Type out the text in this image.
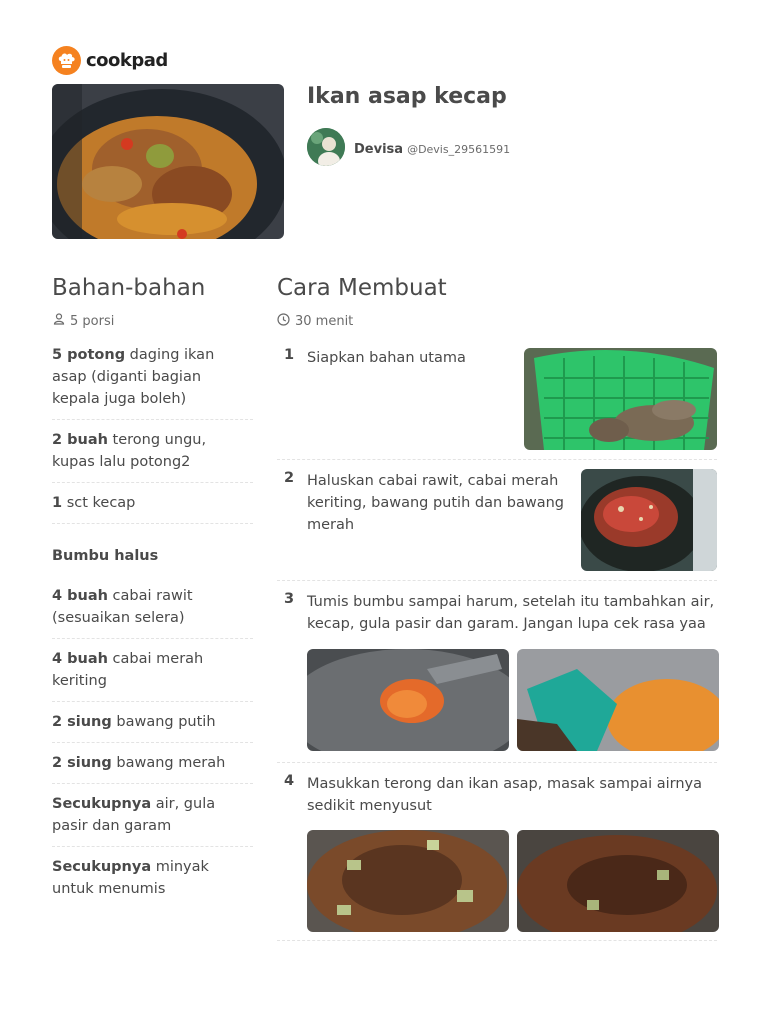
cookpad
Ikan asap kecap
Devisa @Devis_29561591
Bahan-bahan
5 porsi
Cara Membuat
30 menit
5 potong daging ikan asap (diganti bagian kepala juga boleh)
2 buah terong ungu, kupas lalu potong2
1 sct kecap
Bumbu halus
4 buah cabai rawit (sesuaikan selera)
4 buah cabai merah keriting
2 siung bawang putih
2 siung bawang merah
Secukupnya air, gula pasir dan garam
Secukupnya minyak untuk menumis
1 Siapkan bahan utama
2 Haluskan cabai rawit, cabai merah keriting, bawang putih dan bawang merah
3 Tumis bumbu sampai harum, setelah itu tambahkan air, kecap, gula pasir dan garam. Jangan lupa cek rasa yaa
4 Masukkan terong dan ikan asap, masak sampai airnya sedikit menyusut
